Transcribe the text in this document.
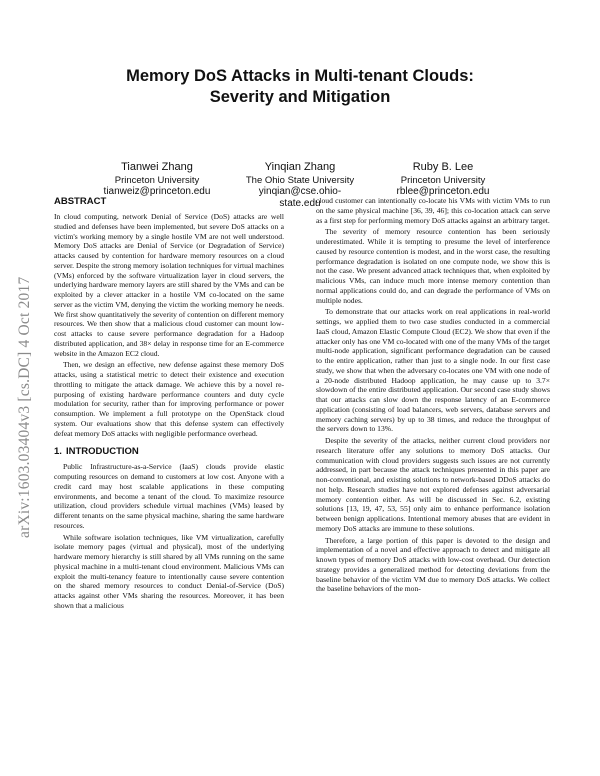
arXiv:1603.03404v3 [cs.DC] 4 Oct 2017
Memory DoS Attacks in Multi-tenant Clouds:
Severity and Mitigation
Tianwei Zhang
Princeton University
tianweiz@princeton.edu
Yinqian Zhang
The Ohio State University
yinqian@cse.ohio-
state.edu
Ruby B. Lee
Princeton University
rblee@princeton.edu
ABSTRACT

In cloud computing, network Denial of Service (DoS) attacks are well studied and defenses have been implemented, but severe DoS attacks on a victim's working memory by a single hostile VM are not well understood. Memory DoS attacks are Denial of Service (or Degradation of Service) attacks caused by contention for hardware memory resources on a cloud server. Despite the strong memory isolation techniques for virtual machines (VMs) enforced by the software virtualization layer in cloud servers, the underlying hardware memory layers are still shared by the VMs and can be exploited by a clever attacker in a hostile VM co-located on the same server as the victim VM, denying the victim the working memory he needs. We first show quantitatively the severity of contention on different memory resources. We then show that a malicious cloud customer can mount low-cost attacks to cause severe performance degradation for a Hadoop distributed application, and 38× delay in response time for an E-commerce website in the Amazon EC2 cloud.

Then, we design an effective, new defense against these memory DoS attacks, using a statistical metric to detect their existence and execution throttling to mitigate the attack damage. We achieve this by a novel re-purposing of existing hardware performance counters and duty cycle modulation for security, rather than for improving performance or power consumption. We implement a full prototype on the OpenStack cloud system. Our evaluations show that this defense system can effectively defeat memory DoS attacks with negligible performance overhead.

1. INTRODUCTION

Public Infrastructure-as-a-Service (IaaS) clouds provide elastic computing resources on demand to customers at low cost. Anyone with a credit card may host scalable applications in these computing environments, and become a tenant of the cloud. To maximize resource utilization, cloud providers schedule virtual machines (VMs) leased by different tenants on the same physical machine, sharing the same hardware resources.

While software isolation techniques, like VM virtualization, carefully isolate memory pages (virtual and physical), most of the underlying hardware memory hierarchy is still shared by all VMs running on the same physical machine in a multi-tenant cloud environment. Malicious VMs can exploit the multi-tenancy feature to intentionally cause severe contention on the shared memory resources to conduct Denial-of-Service (DoS) attacks against other VMs sharing the resources. Moreover, it has been shown that a malicious

cloud customer can intentionally co-locate his VMs with victim VMs to run on the same physical machine [36, 39, 46]; this co-location attack can serve as a first step for performing memory DoS attacks against an arbitrary target.

The severity of memory resource contention has been seriously underestimated. While it is tempting to presume the level of interference caused by resource contention is modest, and in the worst case, the resulting performance degradation is isolated on one compute node, we show this is not the case. We present advanced attack techniques that, when exploited by malicious VMs, can induce much more intense memory contention than normal applications could do, and can degrade the performance of VMs on multiple nodes.

To demonstrate that our attacks work on real applications in real-world settings, we applied them to two case studies conducted in a commercial IaaS cloud, Amazon Elastic Compute Cloud (EC2). We show that even if the attacker only has one VM co-located with one of the many VMs of the target multi-node application, significant performance degradation can be caused to the entire application, rather than just to a single node. In our first case study, we show that when the adversary co-locates one VM with one node of a 20-node distributed Hadoop application, he may cause up to 3.7× slowdown of the entire distributed application. Our second case study shows that our attacks can slow down the response latency of an E-commerce application (consisting of load balancers, web servers, database servers and memory caching servers) by up to 38 times, and reduce the throughput of the servers down to 13%.

Despite the severity of the attacks, neither current cloud providers nor research literature offer any solutions to memory DoS attacks. Our communication with cloud providers suggests such issues are not currently addressed, in part because the attack techniques presented in this paper are non-conventional, and existing solutions to network-based DDoS attacks do not help. Research studies have not explored defenses against adversarial memory contention either. As will be discussed in Sec. 6.2, existing solutions [13, 19, 47, 53, 55] only aim to enhance performance isolation between benign applications. Intentional memory abuses that are evident in memory DoS attacks are immune to these solutions.

Therefore, a large portion of this paper is devoted to the design and implementation of a novel and effective approach to detect and mitigate all known types of memory DoS attacks with low-cost overhead. Our detection strategy provides a generalized method for detecting deviations from the baseline behavior of the victim VM due to memory DoS attacks. We collect the baseline behaviors of the mon-
